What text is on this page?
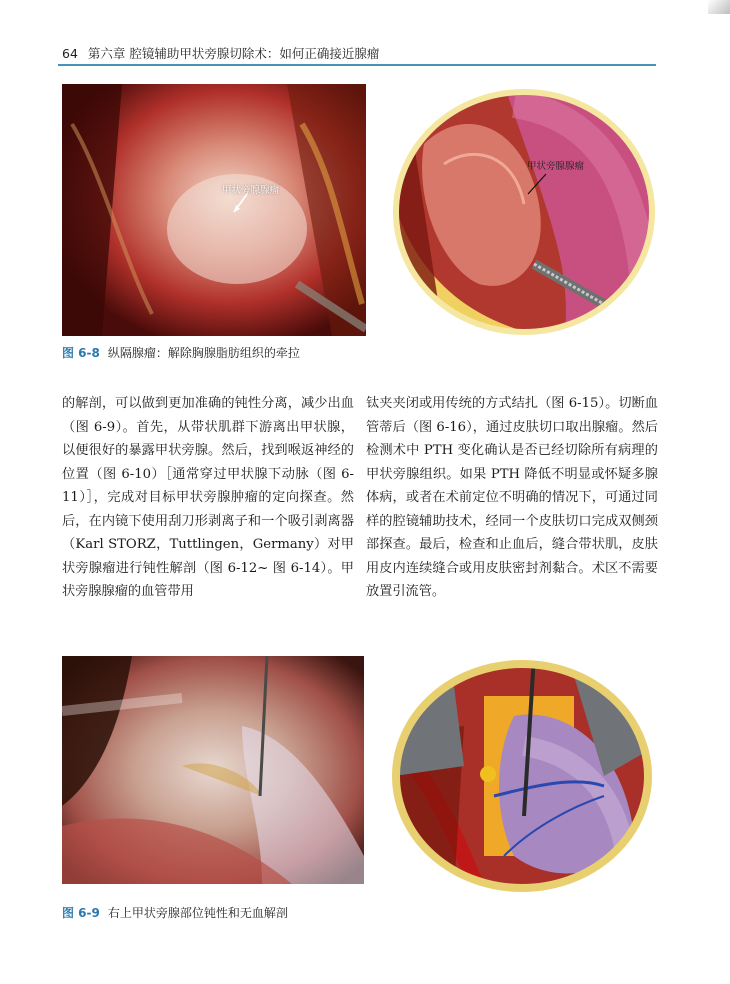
64 第六章 腔镜辅助甲状旁腺切除术：如何正确接近腺瘤
甲状旁腺腺瘤
甲状旁腺腺瘤
图 6-8 纵隔腺瘤：解除胸腺脂肪组织的牵拉

的解剖，可以做到更加准确的钝性分离，减少出血（图 6-9）。首先，从带状肌群下游离出甲状腺，以便很好的暴露甲状旁腺。然后，找到喉返神经的位置（图 6-10）［通常穿过甲状腺下动脉（图 6-11）］，完成对目标甲状旁腺肿瘤的定向探查。然后，在内镜下使用刮刀形剥离子和一个吸引剥离器（Karl STORZ，Tuttlingen，Germany）对甲状旁腺瘤进行钝性解剖（图 6-12~ 图 6-14）。甲状旁腺腺瘤的血管带用

钛夹夹闭或用传统的方式结扎（图 6-15）。切断血管蒂后（图 6-16），通过皮肤切口取出腺瘤。然后检测术中 PTH 变化确认是否已经切除所有病理的甲状旁腺组织。如果 PTH 降低不明显或怀疑多腺体病，或者在术前定位不明确的情况下，可通过同样的腔镜辅助技术，经同一个皮肤切口完成双侧颈部探查。最后，检查和止血后，缝合带状肌，皮肤用皮内连续缝合或用皮肤密封剂黏合。术区不需要放置引流管。

图 6-9 右上甲状旁腺部位钝性和无血解剖
